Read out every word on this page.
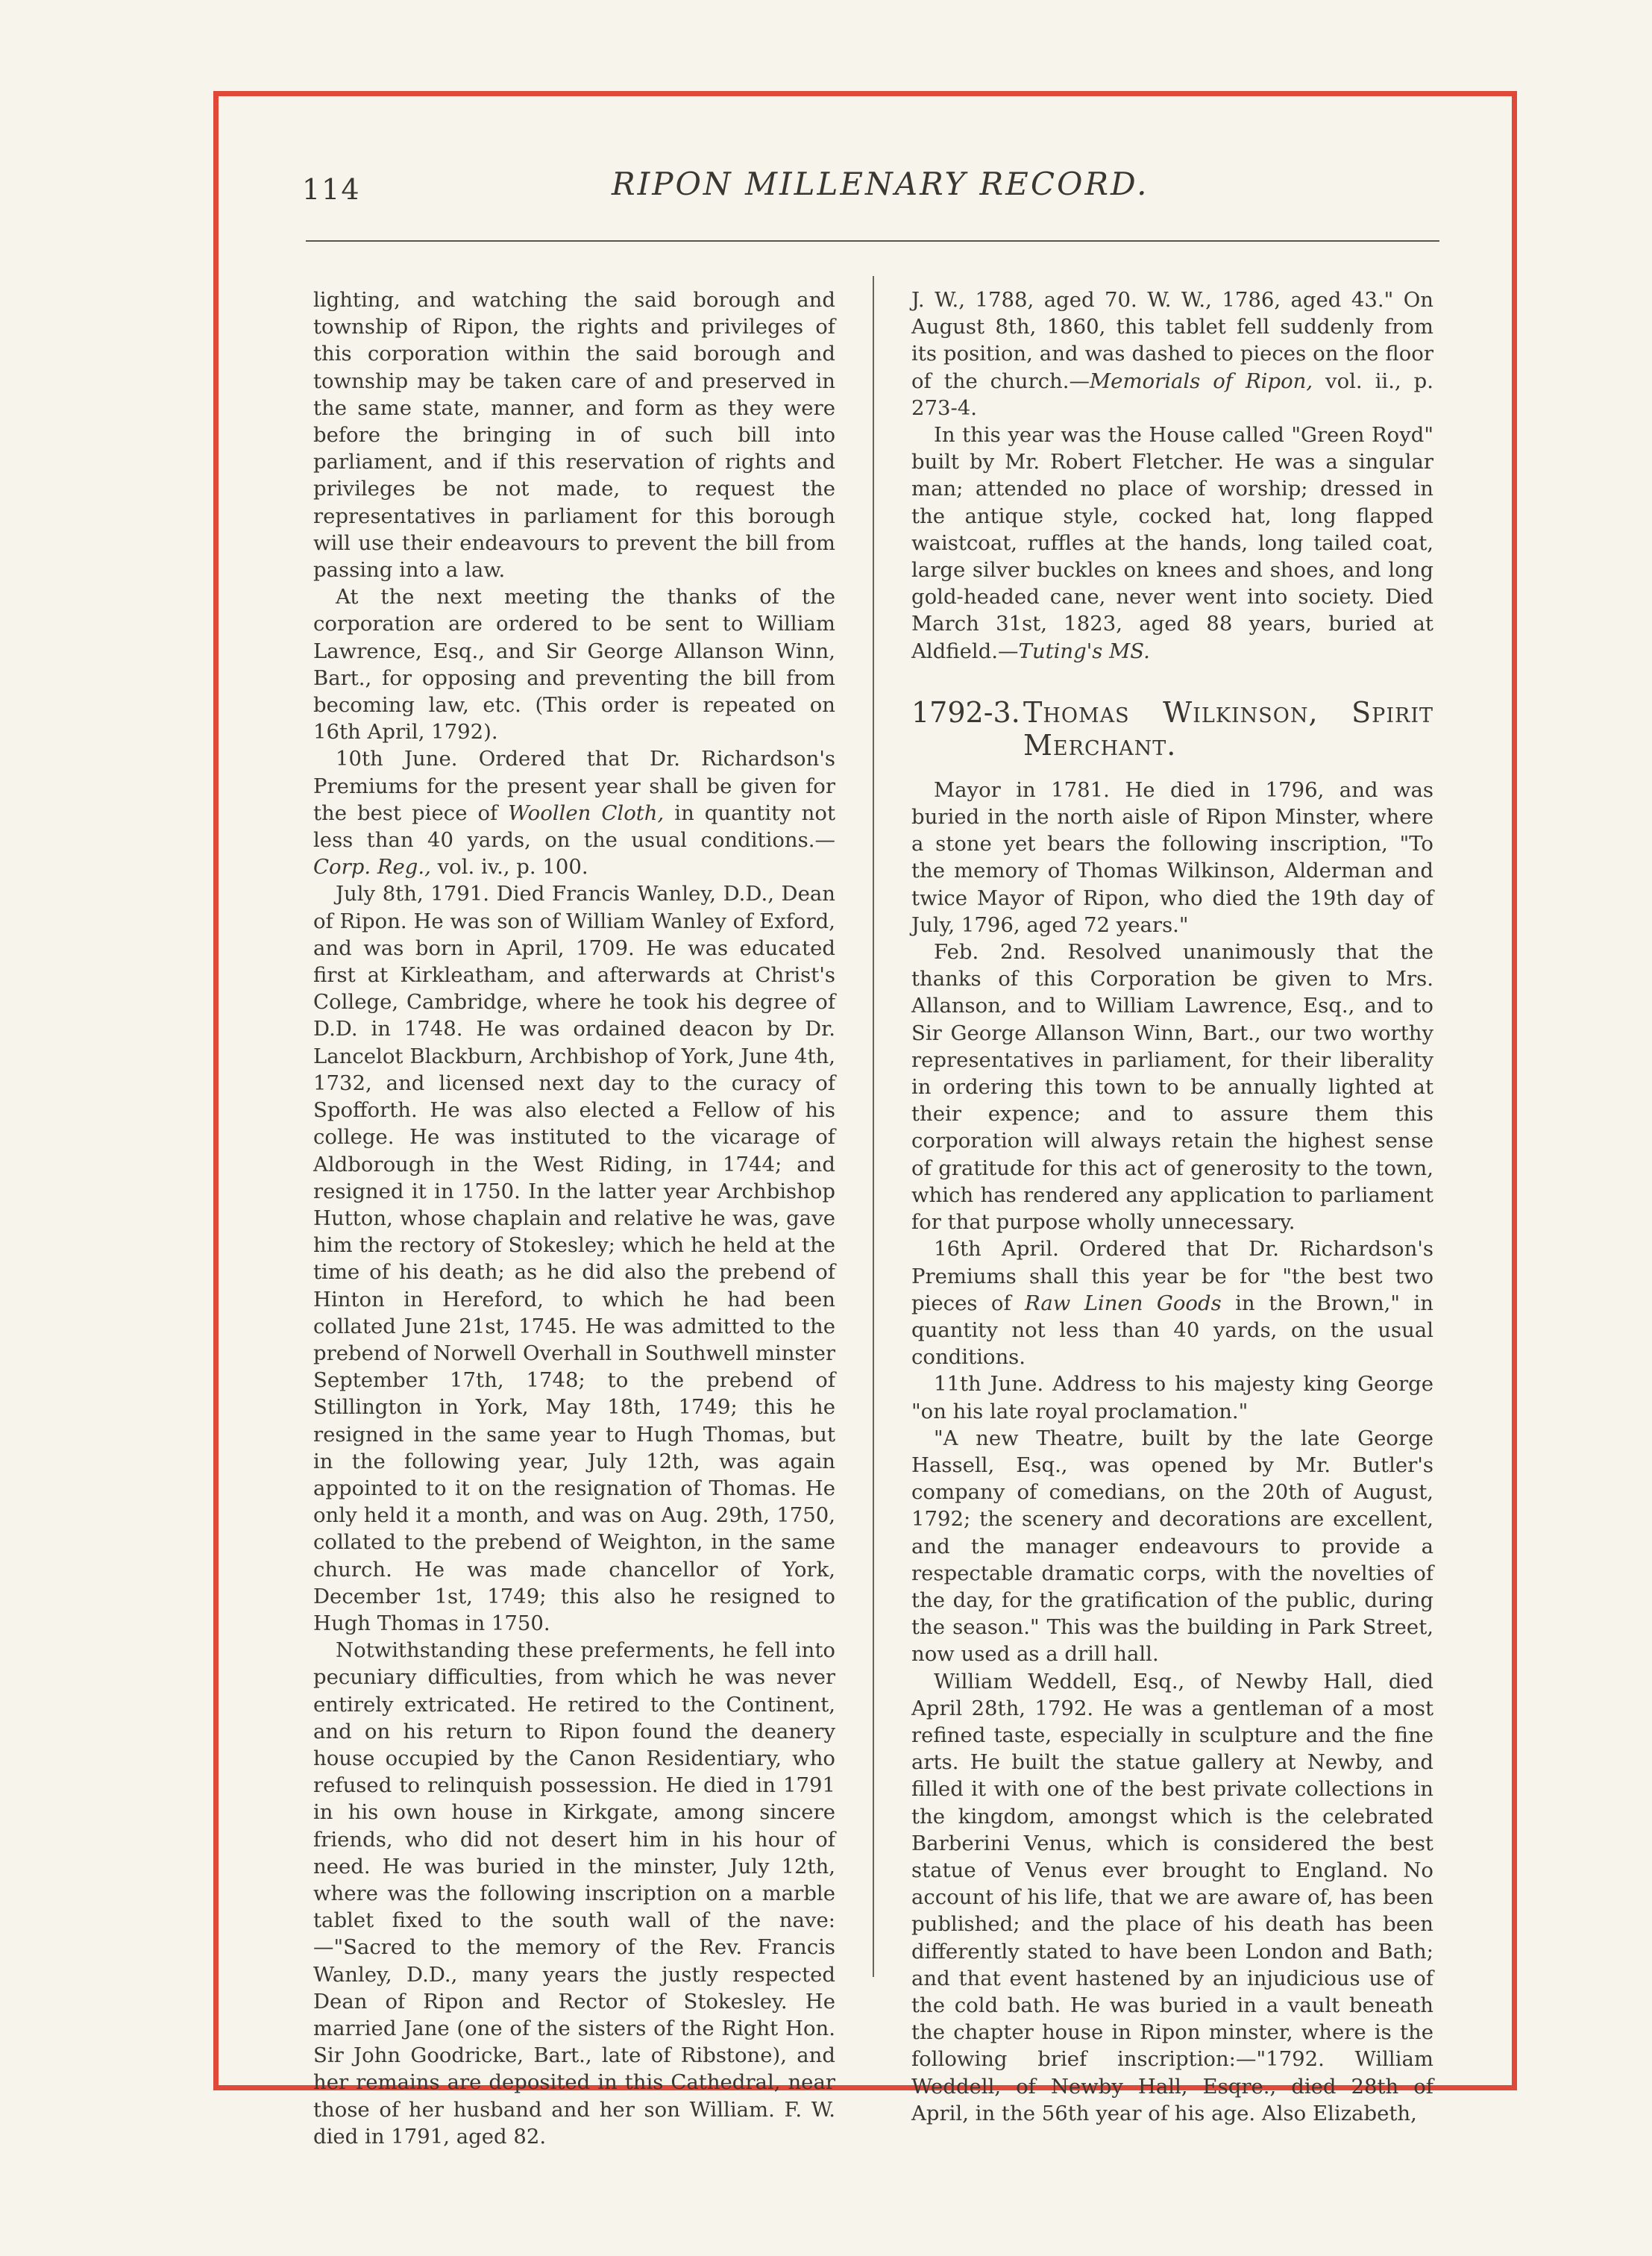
114	RIPON MILLENARY RECORD.

lighting, and watching the said borough and township of Ripon, the rights and privileges of this corporation within the said borough and township may be taken care of and preserved in the same state, manner, and form as they were before the bringing in of such bill into parliament, and if this reservation of rights and privileges be not made, to request the representatives in parliament for this borough will use their endeavours to prevent the bill from passing into a law.

At the next meeting the thanks of the corporation are ordered to be sent to William Lawrence, Esq., and Sir George Allanson Winn, Bart., for opposing and preventing the bill from becoming law, etc. (This order is repeated on 16th April, 1792).

10th June. Ordered that Dr. Richardson's Premiums for the present year shall be given for the best piece of Woollen Cloth, in quantity not less than 40 yards, on the usual conditions.—Corp. Reg., vol. iv., p. 100.

July 8th, 1791. Died Francis Wanley, D.D., Dean of Ripon. He was son of William Wanley of Exford, and was born in April, 1709. He was educated first at Kirkleatham, and afterwards at Christ's College, Cambridge, where he took his degree of D.D. in 1748. He was ordained deacon by Dr. Lancelot Blackburn, Archbishop of York, June 4th, 1732, and licensed next day to the curacy of Spofforth. He was also elected a Fellow of his college. He was instituted to the vicarage of Aldborough in the West Riding, in 1744; and resigned it in 1750. In the latter year Archbishop Hutton, whose chaplain and relative he was, gave him the rectory of Stokesley; which he held at the time of his death; as he did also the prebend of Hinton in Hereford, to which he had been collated June 21st, 1745. He was admitted to the prebend of Norwell Overhall in Southwell minster September 17th, 1748; to the prebend of Stillington in York, May 18th, 1749; this he resigned in the same year to Hugh Thomas, but in the following year, July 12th, was again appointed to it on the resignation of Thomas. He only held it a month, and was on Aug. 29th, 1750, collated to the prebend of Weighton, in the same church. He was made chancellor of York, December 1st, 1749; this also he resigned to Hugh Thomas in 1750.

Notwithstanding these preferments, he fell into pecuniary difficulties, from which he was never entirely extricated. He retired to the Continent, and on his return to Ripon found the deanery house occupied by the Canon Residentiary, who refused to relinquish possession. He died in 1791 in his own house in Kirkgate, among sincere friends, who did not desert him in his hour of need. He was buried in the minster, July 12th, where was the following inscription on a marble tablet fixed to the south wall of the nave:—"Sacred to the memory of the Rev. Francis Wanley, D.D., many years the justly respected Dean of Ripon and Rector of Stokesley. He married Jane (one of the sisters of the Right Hon. Sir John Goodricke, Bart., late of Ribstone), and her remains are deposited in this Cathedral, near those of her husband and her son William. F. W. died in 1791, aged 82.

J. W., 1788, aged 70. W. W., 1786, aged 43." On August 8th, 1860, this tablet fell suddenly from its position, and was dashed to pieces on the floor of the church.—Memorials of Ripon, vol. ii., p. 273-4.

In this year was the House called "Green Royd" built by Mr. Robert Fletcher. He was a singular man; attended no place of worship; dressed in the antique style, cocked hat, long flapped waistcoat, ruffles at the hands, long tailed coat, large silver buckles on knees and shoes, and long gold-headed cane, never went into society. Died March 31st, 1823, aged 88 years, buried at Aldfield.—Tuting's MS.

1792-3. Thomas Wilkinson, Spirit Merchant.

Mayor in 1781. He died in 1796, and was buried in the north aisle of Ripon Minster, where a stone yet bears the following inscription, "To the memory of Thomas Wilkinson, Alderman and twice Mayor of Ripon, who died the 19th day of July, 1796, aged 72 years."

Feb. 2nd. Resolved unanimously that the thanks of this Corporation be given to Mrs. Allanson, and to William Lawrence, Esq., and to Sir George Allanson Winn, Bart., our two worthy representatives in parliament, for their liberality in ordering this town to be annually lighted at their expence; and to assure them this corporation will always retain the highest sense of gratitude for this act of generosity to the town, which has rendered any application to parliament for that purpose wholly unnecessary.

16th April. Ordered that Dr. Richardson's Premiums shall this year be for "the best two pieces of Raw Linen Goods in the Brown," in quantity not less than 40 yards, on the usual conditions.

11th June. Address to his majesty king George "on his late royal proclamation."

"A new Theatre, built by the late George Hassell, Esq., was opened by Mr. Butler's company of comedians, on the 20th of August, 1792; the scenery and decorations are excellent, and the manager endeavours to provide a respectable dramatic corps, with the novelties of the day, for the gratification of the public, during the season." This was the building in Park Street, now used as a drill hall.

William Weddell, Esq., of Newby Hall, died April 28th, 1792. He was a gentleman of a most refined taste, especially in sculpture and the fine arts. He built the statue gallery at Newby, and filled it with one of the best private collections in the kingdom, amongst which is the celebrated Barberini Venus, which is considered the best statue of Venus ever brought to England. No account of his life, that we are aware of, has been published; and the place of his death has been differently stated to have been London and Bath; and that event hastened by an injudicious use of the cold bath. He was buried in a vault beneath the chapter house in Ripon minster, where is the following brief inscription:—"1792. William Weddell, of Newby Hall, Esqre., died 28th of April, in the 56th year of his age. Also Elizabeth,
